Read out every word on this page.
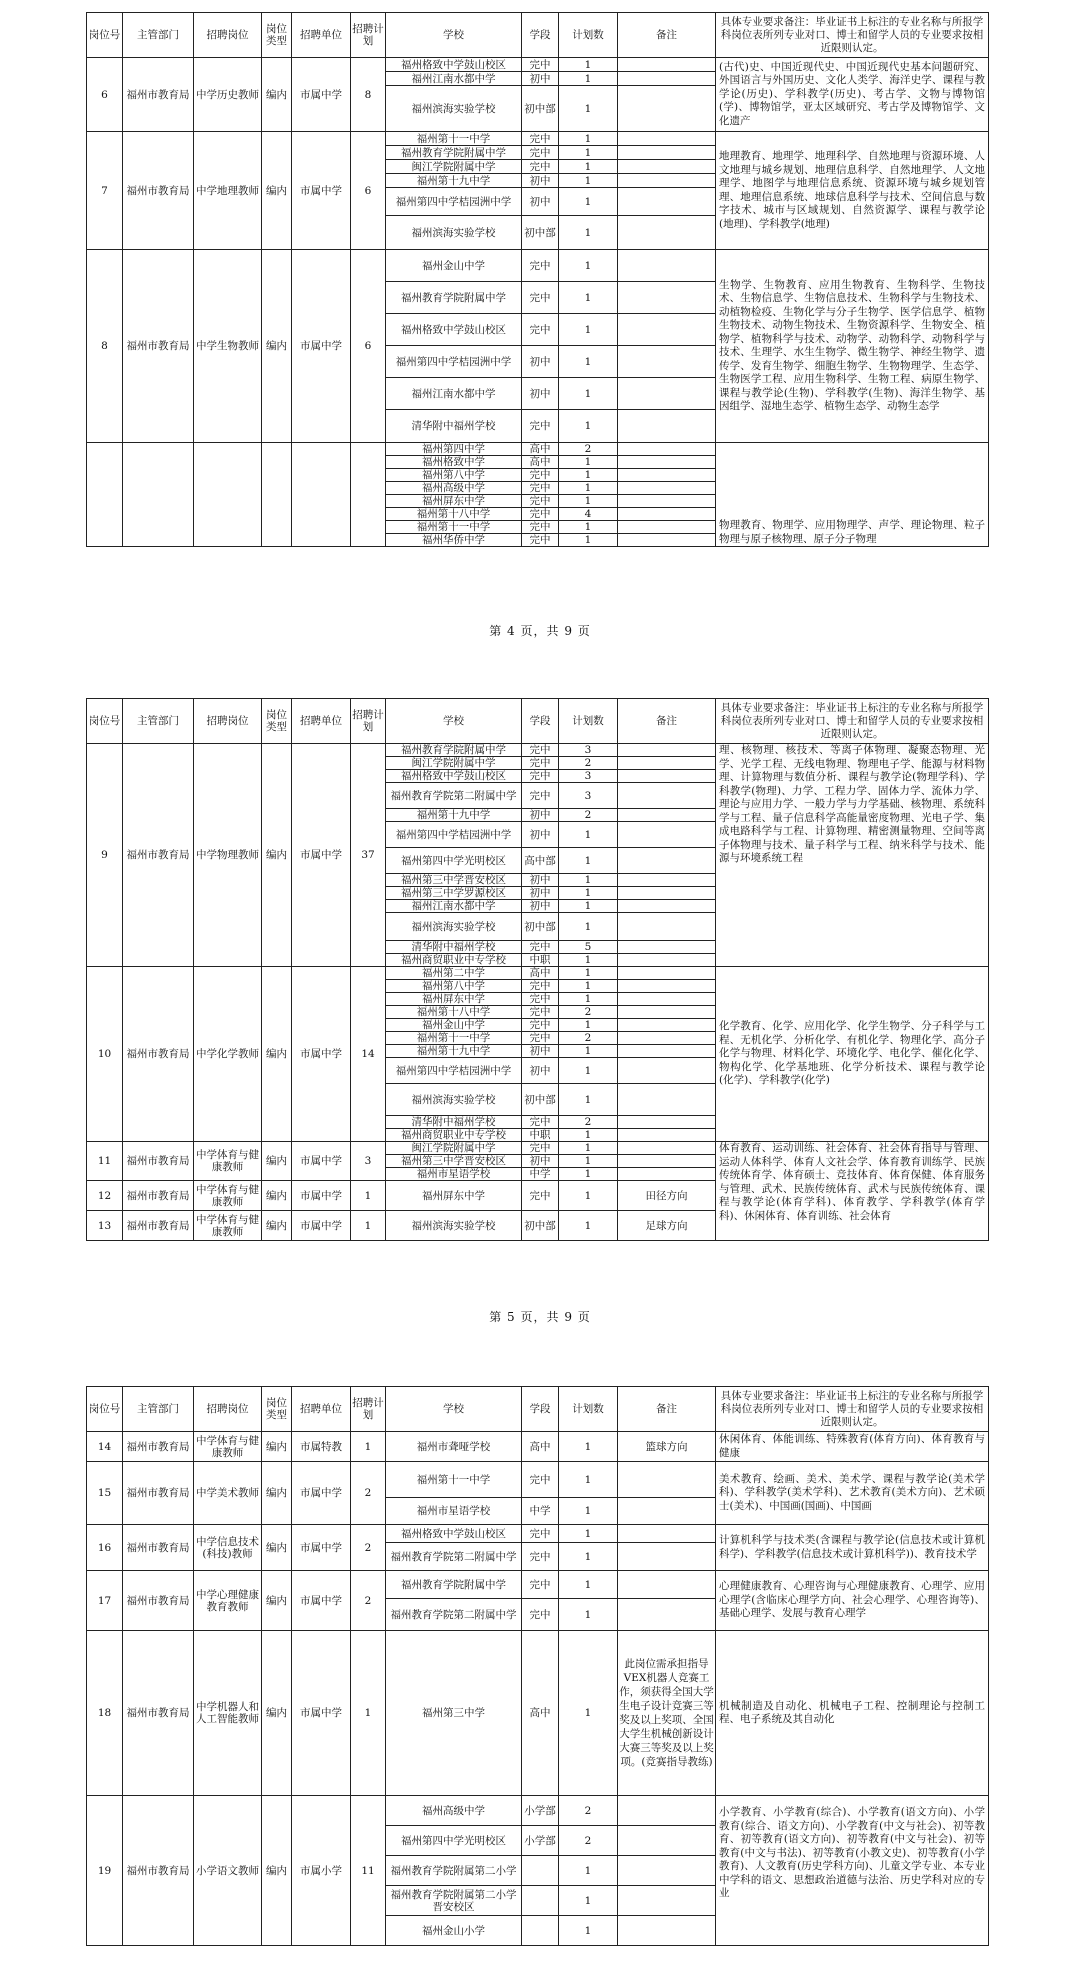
岗位号	主管部门	招聘岗位	岗位类型	招聘单位	招聘计划	学校	学段	计划数	备注	具体专业要求备注：毕业证书上标注的专业名称与所报学科岗位表所列专业对口、博士和留学人员的专业要求按相近限则认定。
6	福州市教育局	中学历史教师	编内	市属中学	8	福州格致中学鼓山校区	完中	1		(古代)史、中国近现代史、中国近现代史基本问题研究、外国语言与外国历史、文化人类学、海洋史学、课程与教学论(历史)、学科教学(历史)、考古学、文物与博物馆(学)、博物馆学，亚太区域研究、考古学及博物馆学、文化遗产
						福州江南水都中学	初中	1		
						福州滨海实验学校	初中部	1		
7	福州市教育局	中学地理教师	编内	市属中学	6	福州第十一中学	完中	1		地理教育、地理学、地理科学、自然地理与资源环境、人文地理与城乡规划、地理信息科学、自然地理学、人文地理学、地图学与地理信息系统、资源环境与城乡规划管理、地理信息系统、地球信息科学与技术、空间信息与数字技术、城市与区域规划、自然资源学、课程与教学论(地理)、学科教学(地理)
						福州教育学院附属中学	完中	1		
						闽江学院附属中学	完中	1		
						福州第十九中学	初中	1		
						福州第四中学桔园洲中学	初中	1		
						福州滨海实验学校	初中部	1		
8	福州市教育局	中学生物教师	编内	市属中学	6	福州金山中学	完中	1		生物学、生物教育、应用生物教育、生物科学、生物技术、生物信息学、生物信息技术、生物科学与生物技术、动植物检疫、生物化学与分子生物学、医学信息学、植物生物技术、动物生物技术、生物资源科学、生物安全、植物学、植物科学与技术、动物学、动物科学、动物科学与技术、生理学、水生生物学、微生物学、神经生物学、遗传学、发育生物学、细胞生物学、生物物理学、生态学、生物医学工程、应用生物科学、生物工程、病原生物学、课程与教学论(生物)、学科教学(生物)、海洋生物学、基因组学、湿地生态学、植物生态学、动物生态学
						福州教育学院附属中学	完中	1		
						福州格致中学鼓山校区	完中	1		
						福州第四中学桔园洲中学	初中	1		
						福州江南水都中学	初中	1		
						清华附中福州学校	完中	1		
						福州第四中学	高中	2		物理教育、物理学、应用物理学、声学、理论物理、粒子物理与原子核物理、原子分子物理
						福州格致中学	高中	1		
						福州第八中学	完中	1		
						福州高级中学	完中	1		
						福州屏东中学	完中	1		
						福州第十八中学	完中	4		
						福州第十一中学	完中	1		
						福州华侨中学	完中	1		
第 4 页，共 9 页
岗位号	主管部门	招聘岗位	岗位类型	招聘单位	招聘计划	学校	学段	计划数	备注	具体专业要求备注：毕业证书上标注的专业名称与所报学科岗位表所列专业对口、博士和留学人员的专业要求按相近限则认定。
9	福州市教育局	中学物理教师	编内	市属中学	37	福州教育学院附属中学	完中	3		理、核物理、核技术、等离子体物理、凝聚态物理、光学、光学工程、无线电物理、物理电子学、能源与材料物理、计算物理与数值分析、课程与教学论(物理学科)、学科教学(物理)、力学、工程力学、固体力学、流体力学、理论与应用力学、一般力学与力学基础、核物理、系统科学与工程、量子信息科学高能量密度物理、光电子学、集成电路科学与工程、计算物理、精密测量物理、空间等离子体物理与技术、量子科学与工程、纳米科学与技术、能源与环境系统工程
						闽江学院附属中学	完中	2		
						福州格致中学鼓山校区	完中	3		
						福州教育学院第二附属中学	完中	3		
						福州第十九中学	初中	2		
						福州第四中学桔园洲中学	初中	1		
						福州第四中学光明校区	高中部	1		
						福州第三中学晋安校区	初中	1		
						福州第三中学罗源校区	初中	1		
						福州江南水都中学	初中	1		
						福州滨海实验学校	初中部	1		
						清华附中福州学校	完中	5		
						福州商贸职业中专学校	中职	1		
10	福州市教育局	中学化学教师	编内	市属中学	14	福州第二中学	高中	1		化学教育、化学、应用化学、化学生物学、分子科学与工程、无机化学、分析化学、有机化学、物理化学、高分子化学与物理、材料化学、环境化学、电化学、催化化学、物构化学、化学基地班、化学分析技术、课程与教学论(化学)、学科教学(化学)
						福州第八中学	完中	1		
						福州屏东中学	完中	1		
						福州第十八中学	完中	2		
						福州金山中学	完中	1		
						福州第十一中学	完中	2		
						福州第十九中学	初中	1		
						福州第四中学桔园洲中学	初中	1		
						福州滨海实验学校	初中部	1		
						清华附中福州学校	完中	2		
						福州商贸职业中专学校	中职	1		
11	福州市教育局	中学体育与健康教师	编内	市属中学	3	闽江学院附属中学	完中	1		体育教育、运动训练、社会体育、社会体育指导与管理、运动人体科学、体育人文社会学、体育教育训练学、民族传统体育学、体育硕士、竞技体育、体育保健、体育服务与管理、武术、民族传统体育、武术与民族传统体育、课程与教学论(体育学科)、体育教学、学科教学(体育学科)、休闲体育、体育训练、社会体育
						福州第三中学晋安校区	初中	1		
						福州市星语学校	中学	1		
12	福州市教育局	中学体育与健康教师	编内	市属中学	1	福州屏东中学	完中	1	田径方向	
13	福州市教育局	中学体育与健康教师	编内	市属中学	1	福州滨海实验学校	初中部	1	足球方向	
第 5 页，共 9 页
岗位号	主管部门	招聘岗位	岗位类型	招聘单位	招聘计划	学校	学段	计划数	备注	具体专业要求备注：毕业证书上标注的专业名称与所报学科岗位表所列专业对口、博士和留学人员的专业要求按相近限则认定。
14	福州市教育局	中学体育与健康教师	编内	市属特教	1	福州市聋哑学校	高中	1	篮球方向	休闲体育、体能训练、特殊教育(体育方向)、体育教育与健康
15	福州市教育局	中学美术教师	编内	市属中学	2	福州第十一中学	完中	1		美术教育、绘画、美术、美术学、课程与教学论(美术学科)、学科教学(美术学科)、艺术教育(美术方向)、艺术硕士(美术)、中国画(国画)、中国画
						福州市星语学校	中学	1		
16	福州市教育局	中学信息技术(科技)教师	编内	市属中学	2	福州格致中学鼓山校区	完中	1		计算机科学与技术类(含课程与教学论(信息技术或计算机科学)、学科教学(信息技术或计算机科学))、教育技术学
						福州教育学院第二附属中学	完中	1		
17	福州市教育局	中学心理健康教育教师	编内	市属中学	2	福州教育学院附属中学	完中	1		心理健康教育、心理咨询与心理健康教育、心理学、应用心理学(含临床心理学方向、社会心理学、心理咨询等)、基础心理学、发展与教育心理学
						福州教育学院第二附属中学	完中	1		
18	福州市教育局	中学机器人和人工智能教师	编内	市属中学	1	福州第三中学	高中	1	此岗位需承担指导VEX机器人竞赛工作，须获得全国大学生电子设计竞赛三等奖及以上奖项、全国大学生机械创新设计大赛三等奖及以上奖项。(竞赛指导教练)	机械制造及自动化、机械电子工程、控制理论与控制工程、电子系统及其自动化
19	福州市教育局	小学语文教师	编内	市属小学	11	福州高级中学	小学部	2		小学教育、小学教育(综合)、小学教育(语文方向)、小学教育(综合、语文方向)、小学教育(中文与社会)、初等教育、初等教育(语文方向)、初等教育(中文与社会)、初等教育(中文与书法)、初等教育(小教文史)、初等教育(小学教育)、人文教育(历史学科方向)、儿童文学专业、本专业中学科的语文、思想政治道德与法治、历史学科对应的专业
						福州第四中学光明校区	小学部	2		
						福州教育学院附属第二小学		1		
						福州教育学院附属第二小学晋安校区		1		
						福州金山小学		1		
